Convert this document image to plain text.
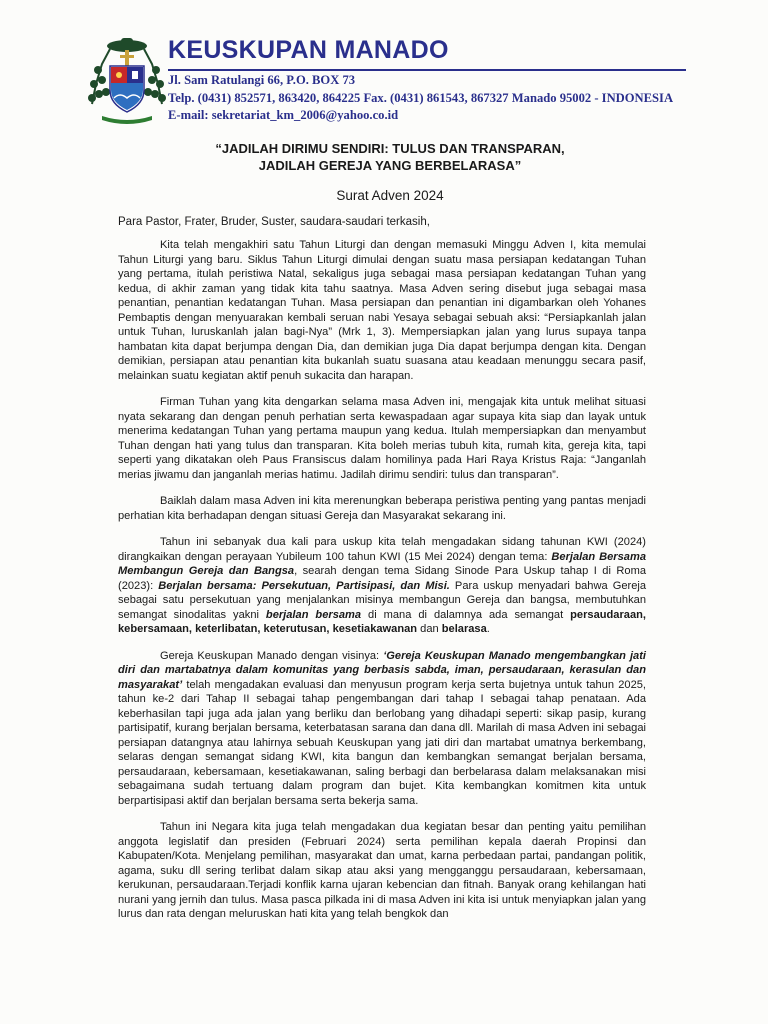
KEUSKUPAN MANADO
Jl. Sam Ratulangi 66, P.O. BOX 73
Telp. (0431) 852571, 863420, 864225 Fax. (0431) 861543, 867327 Manado 95002 - INDONESIA
E-mail: sekretariat_km_2006@yahoo.co.id
“JADILAH DIRIMU SENDIRI: TULUS DAN TRANSPARAN,
JADILAH GEREJA YANG BERBELARASA”
Surat Adven 2024
Para Pastor, Frater, Bruder, Suster, saudara-saudari terkasih,

Kita telah mengakhiri satu Tahun Liturgi dan dengan memasuki Minggu Adven I, kita memulai Tahun Liturgi yang baru. Siklus Tahun Liturgi dimulai dengan suatu masa persiapan kedatangan Tuhan yang pertama, itulah peristiwa Natal, sekaligus juga sebagai masa persiapan kedatangan Tuhan yang kedua, di akhir zaman yang tidak kita tahu saatnya. Masa Adven sering disebut juga sebagai masa penantian, penantian kedatangan Tuhan. Masa persiapan dan penantian ini digambarkan oleh Yohanes Pembaptis dengan menyuarakan kembali seruan nabi Yesaya sebagai sebuah aksi: “Persiapkanlah jalan untuk Tuhan, luruskanlah jalan bagi-Nya” (Mrk 1, 3). Mempersiapkan jalan yang lurus supaya tanpa hambatan kita dapat berjumpa dengan Dia, dan demikian juga Dia dapat berjumpa dengan kita. Dengan demikian, persiapan atau penantian kita bukanlah suatu suasana atau keadaan menunggu secara pasif, melainkan suatu kegiatan aktif penuh sukacita dan harapan.

Firman Tuhan yang kita dengarkan selama masa Adven ini, mengajak kita untuk melihat situasi nyata sekarang dan dengan penuh perhatian serta kewaspadaan agar supaya kita siap dan layak untuk menerima kedatangan Tuhan yang pertama maupun yang kedua. Itulah mempersiapkan dan menyambut Tuhan dengan hati yang tulus dan transparan. Kita boleh merias tubuh kita, rumah kita, gereja kita, tapi seperti yang dikatakan oleh Paus Fransiscus dalam homilinya pada Hari Raya Kristus Raja: “Janganlah merias jiwamu dan janganlah merias hatimu. Jadilah dirimu sendiri: tulus dan transparan”.

Baiklah dalam masa Adven ini kita merenungkan beberapa peristiwa penting yang pantas menjadi perhatian kita berhadapan dengan situasi Gereja dan Masyarakat sekarang ini.

Tahun ini sebanyak dua kali para uskup kita telah mengadakan sidang tahunan KWI (2024) dirangkaikan dengan perayaan Yubileum 100 tahun KWI (15 Mei 2024) dengan tema: Berjalan Bersama Membangun Gereja dan Bangsa, searah dengan tema Sidang Sinode Para Uskup tahap I di Roma (2023): Berjalan bersama: Persekutuan, Partisipasi, dan Misi. Para uskup menyadari bahwa Gereja sebagai satu persekutuan yang menjalankan misinya membangun Gereja dan bangsa, membutuhkan semangat sinodalitas yakni berjalan bersama di mana di dalamnya ada semangat persaudaraan, kebersamaan, keterlibatan, keterutusan, kesetiakawanan dan belarasa.

Gereja Keuskupan Manado dengan visinya: ‘Gereja Keuskupan Manado mengembangkan jati diri dan martabatnya dalam komunitas yang berbasis sabda, iman, persaudaraan, kerasulan dan masyarakat’ telah mengadakan evaluasi dan menyusun program kerja serta bujetnya untuk tahun 2025, tahun ke-2 dari Tahap II sebagai tahap pengembangan dari tahap I sebagai tahap penataan. Ada keberhasilan tapi juga ada jalan yang berliku dan berlobang yang dihadapi seperti: sikap pasip, kurang partisipatif, kurang berjalan bersama, keterbatasan sarana dan dana dll. Marilah di masa Adven ini sebagai persiapan datangnya atau lahirnya sebuah Keuskupan yang jati diri dan martabat umatnya berkembang, selaras dengan semangat sidang KWI, kita bangun dan kembangkan semangat berjalan bersama, persaudaraan, kebersamaan, kesetiakawanan, saling berbagi dan berbelarasa dalam melaksanakan misi sebagaimana sudah tertuang dalam program dan bujet. Kita kembangkan komitmen kita untuk berpartisipasi aktif dan berjalan bersama serta bekerja sama.

Tahun ini Negara kita juga telah mengadakan dua kegiatan besar dan penting yaitu pemilihan anggota legislatif dan presiden (Februari 2024) serta pemilihan kepala daerah Propinsi dan Kabupaten/Kota. Menjelang pemilihan, masyarakat dan umat, karna perbedaan partai, pandangan politik, agama, suku dll sering terlibat dalam sikap atau aksi yang mengganggu persaudaraan, kebersamaan, kerukunan, persaudaraan.Terjadi konflik karna ujaran kebencian dan fitnah. Banyak orang kehilangan hati nurani yang jernih dan tulus. Masa pasca pilkada ini di masa Adven ini kita isi untuk menyiapkan jalan yang lurus dan rata dengan meluruskan hati kita yang telah bengkok dan
